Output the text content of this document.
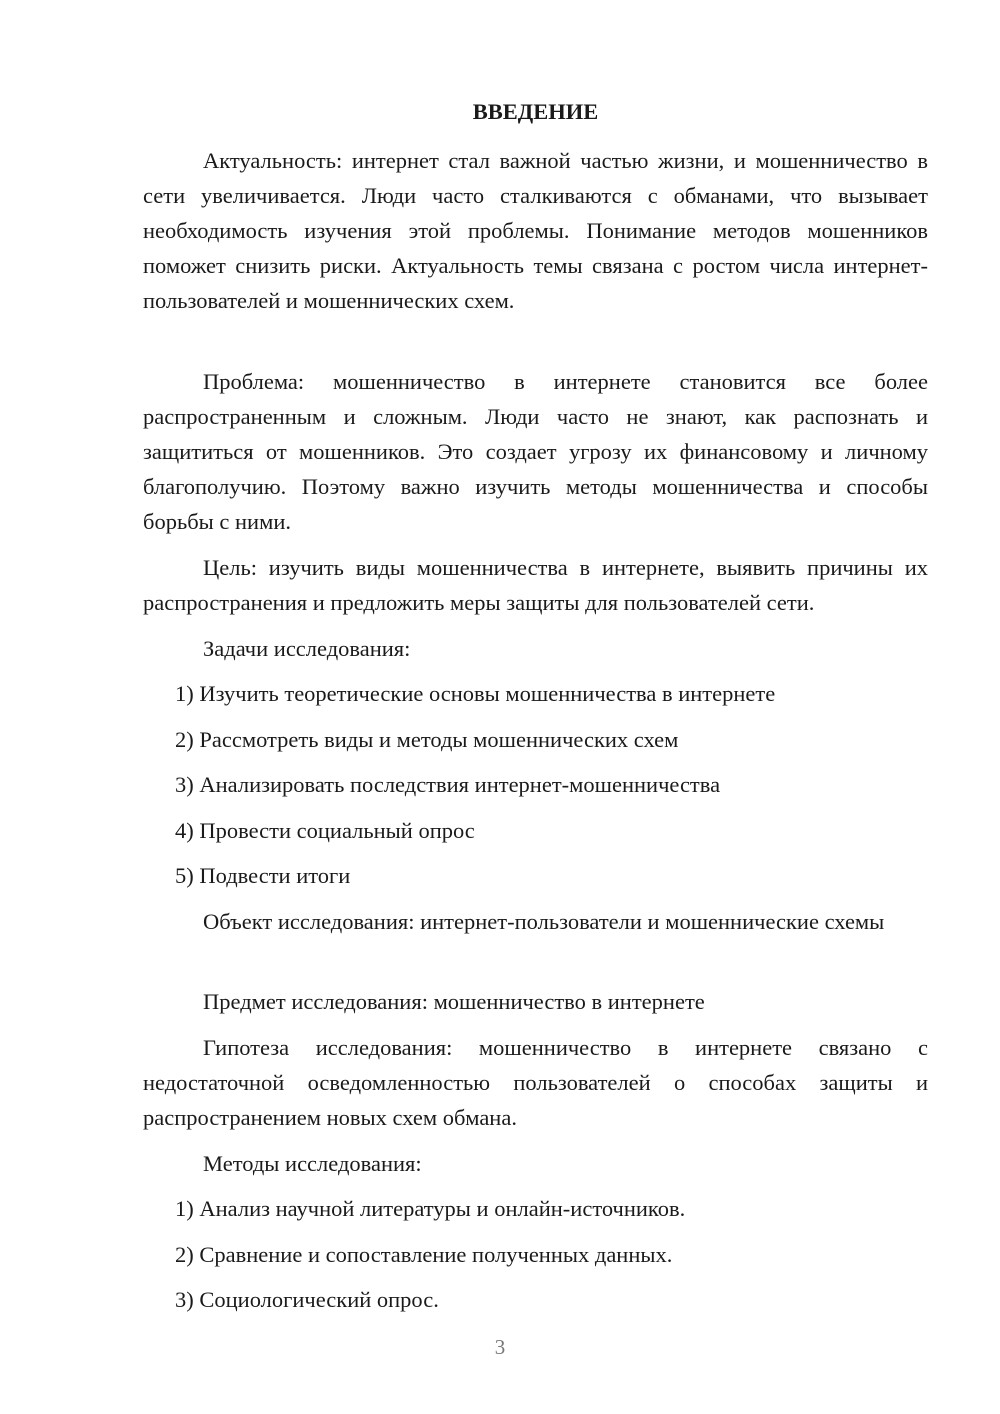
ВВЕДЕНИЕ

Актуальность: интернет стал важной частью жизни, и мошенничество в сети увеличивается. Люди часто сталкиваются с обманами, что вызывает необходимость изучения этой проблемы. Понимание методов мошенников поможет снизить риски. Актуальность темы связана с ростом числа интернет-пользователей и мошеннических схем.

Проблема: мошенничество в интернете становится все более распространенным и сложным. Люди часто не знают, как распознать и защититься от мошенников. Это создает угрозу их финансовому и личному благополучию. Поэтому важно изучить методы мошенничества и способы борьбы с ними.

Цель: изучить виды мошенничества в интернете, выявить причины их распространения и предложить меры защиты для пользователей сети.

Задачи исследования:

1) Изучить теоретические основы мошенничества в интернете

2) Рассмотреть виды и методы мошеннических схем

3) Анализировать последствия интернет-мошенничества

4) Провести социальный опрос

5) Подвести итоги

Объект исследования: интернет-пользователи и мошеннические схемы

Предмет исследования: мошенничество в интернете

Гипотеза исследования: мошенничество в интернете связано с недостаточной осведомленностью пользователей о способах защиты и распространением новых схем обмана.

Методы исследования:

1) Анализ научной литературы и онлайн-источников.

2) Сравнение и сопоставление полученных данных.

3) Социологический опрос.

3
